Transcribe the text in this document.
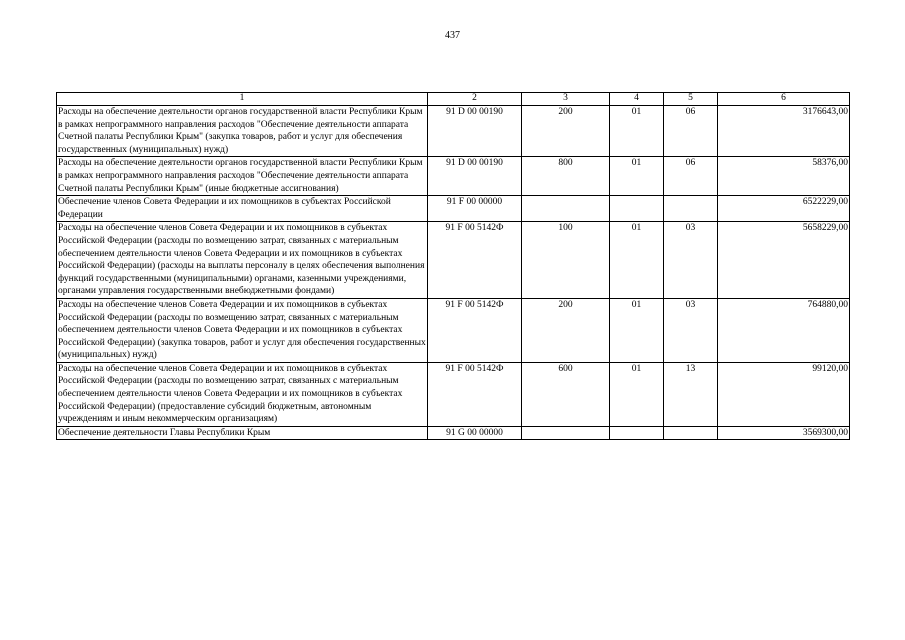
437
1	2	3	4	5	6
Расходы на обеспечение деятельности органов государственной власти Республики Крым в рамках непрограммного направления расходов "Обеспечение деятельности аппарата Счетной палаты Республики Крым" (закупка товаров, работ и услуг для обеспечения государственных (муниципальных) нужд)	91 D 00 00190	200	01	06	3176643,00
Расходы на обеспечение деятельности органов государственной власти Республики Крым в рамках непрограммного направления расходов "Обеспечение деятельности аппарата Счетной палаты Республики Крым" (иные бюджетные ассигнования)	91 D 00 00190	800	01	06	58376,00
Обеспечение членов Совета Федерации и их помощников в субъектах Российской Федерации	91 F 00 00000				6522229,00
Расходы на обеспечение членов Совета Федерации и их помощников в субъектах Российской Федерации (расходы по возмещению затрат, связанных с материальным обеспечением деятельности членов Совета Федерации и их помощников в субъектах Российской Федерации) (расходы на выплаты персоналу в целях обеспечения выполнения функций государственными (муниципальными) органами, казенными учреждениями, органами управления государственными внебюджетными фондами)	91 F 00 5142Ф	100	01	03	5658229,00
Расходы на обеспечение членов Совета Федерации и их помощников в субъектах Российской Федерации (расходы по возмещению затрат, связанных с материальным обеспечением деятельности членов Совета Федерации и их помощников в субъектах Российской Федерации) (закупка товаров, работ и услуг для обеспечения государственных (муниципальных) нужд)	91 F 00 5142Ф	200	01	03	764880,00
Расходы на обеспечение членов Совета Федерации и их помощников в субъектах Российской Федерации (расходы по возмещению затрат, связанных с материальным обеспечением деятельности членов Совета Федерации и их помощников в субъектах Российской Федерации) (предоставление субсидий бюджетным, автономным учреждениям и иным некоммерческим организациям)	91 F 00 5142Ф	600	01	13	99120,00
Обеспечение деятельности Главы Республики Крым	91 G 00 00000				3569300,00
